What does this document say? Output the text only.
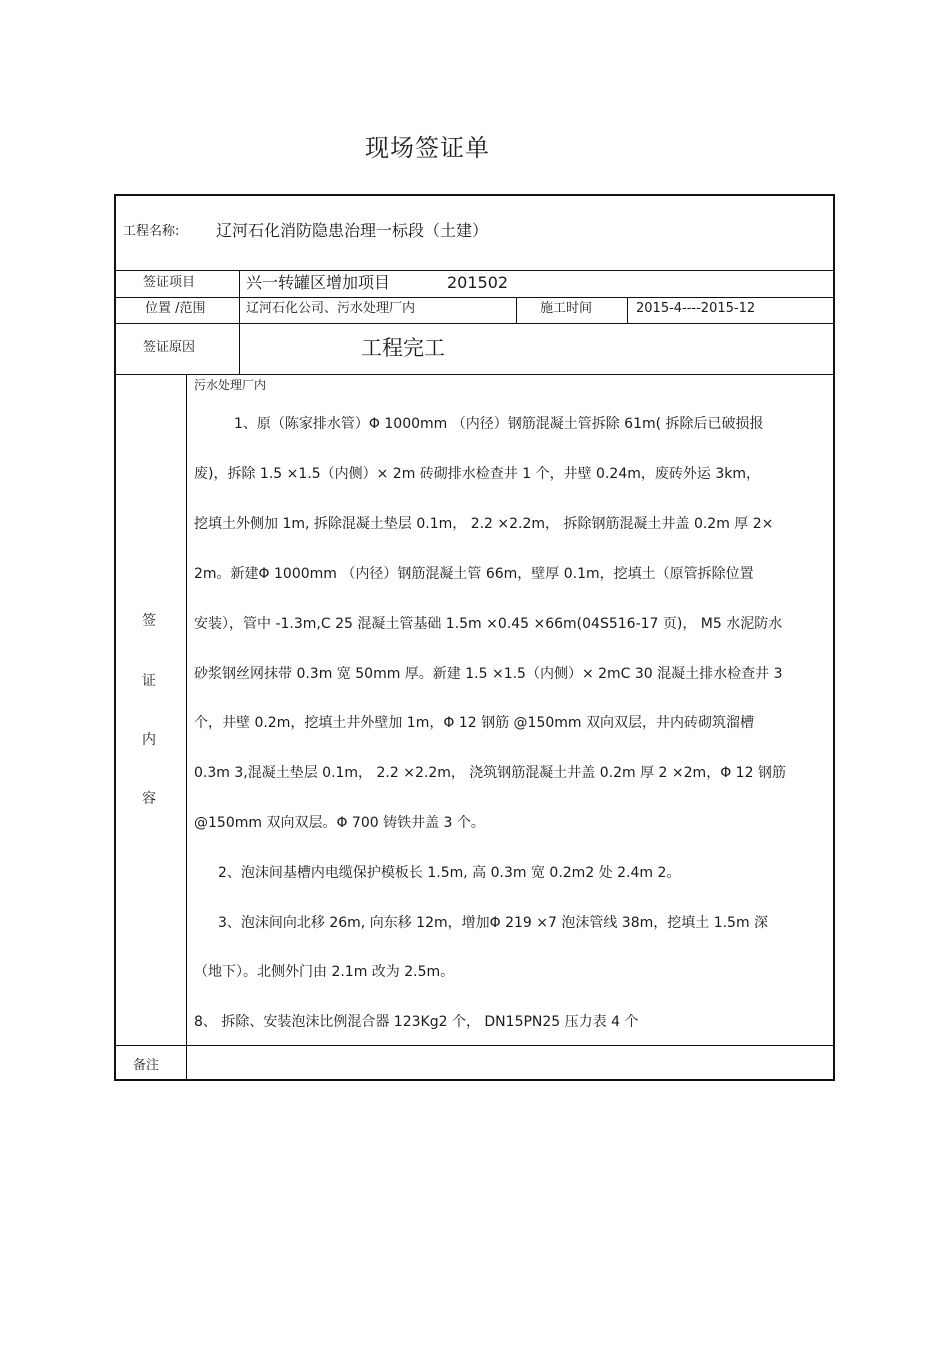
现场签证单
工程名称: 辽河石化消防隐患治理一标段（土建）
签证项目	兴一转罐区增加项目	201502
位置 /范围	辽河石化公司、污水处理厂内	施工时间	2015-4----2015-12
签证原因	工程完工
签
证
内
容
污水处理厂内
1、原（陈家排水管）Φ 1000mm （内径）钢筋混凝土管拆除 61m( 拆除后已破损报
废)，拆除 1.5 ×1.5（内侧）× 2m 砖砌排水检查井 1 个，井壁 0.24m，废砖外运 3km，
挖填土外侧加 1m, 拆除混凝土垫层 0.1m， 2.2 ×2.2m， 拆除钢筋混凝土井盖 0.2m 厚 2×
2m。新建Φ 1000mm （内径）钢筋混凝土管 66m，壁厚 0.1m，挖填土（原管拆除位置
安装），管中 -1.3m,C 25 混凝土管基础 1.5m ×0.45 ×66m(04S516-17 页)， M5 水泥防水
砂浆钢丝网抹带 0.3m 宽 50mm 厚。新建 1.5 ×1.5（内侧）× 2mC 30 混凝土排水检查井 3
个，井壁 0.2m，挖填土井外壁加 1m，Φ 12 钢筋 @150mm 双向双层，井内砖砌筑溜槽
0.3m 3,混凝土垫层 0.1m， 2.2 ×2.2m， 浇筑钢筋混凝土井盖 0.2m 厚 2 ×2m，Φ 12 钢筋
@150mm 双向双层。Φ 700 铸铁井盖 3 个。
2、泡沫间基槽内电缆保护模板长 1.5m, 高 0.3m 宽 0.2m2 处 2.4m 2。
3、泡沫间向北移 26m, 向东移 12m，增加Φ 219 ×7 泡沫管线 38m，挖填土 1.5m 深
（地下）。北侧外门由 2.1m 改为 2.5m。
8、 拆除、安装泡沫比例混合器 123Kg2 个， DN15PN25 压力表 4 个
备注
